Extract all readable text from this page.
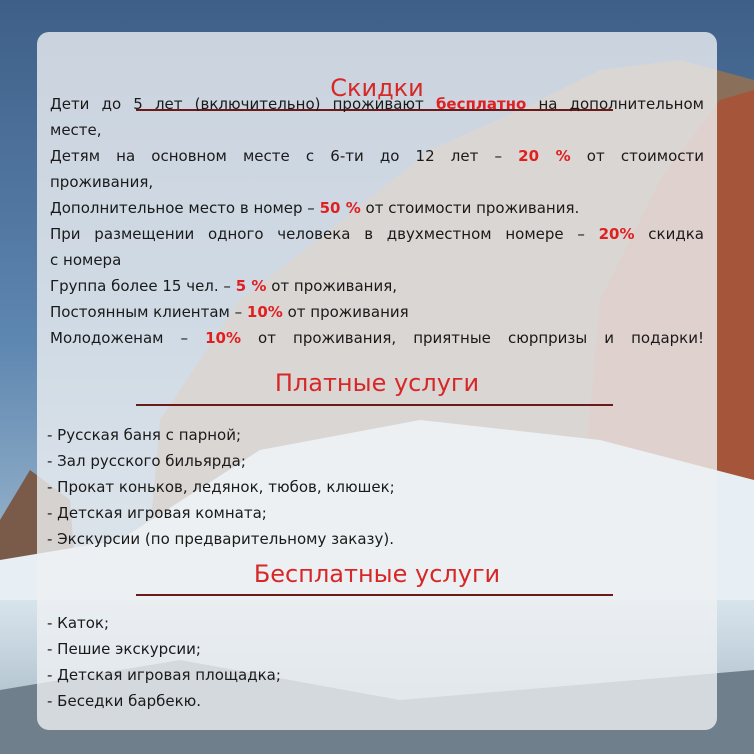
Скидки
Дети до 5 лет (включительно) проживают бесплатно на дополнительном
месте,
Детям на основном месте с 6-ти до 12 лет – 20 % от стоимости
проживания,
Дополнительное место в номер – 50 % от стоимости проживания.
При размещении одного человека в двухместном номере – 20% скидка
с номера
Группа более 15 чел. – 5 % от проживания,
Постоянным клиентам – 10% от проживания
Молодоженам – 10% от проживания, приятные сюрпризы и подарки!
Платные услуги
- Русская баня с парной;
- Зал русского бильярда;
- Прокат коньков, ледянок, тюбов, клюшек;
- Детская игровая комната;
- Экскурсии (по предварительному заказу).
Бесплатные услуги
- Каток;
- Пешие экскурсии;
- Детская игровая площадка;
- Беседки барбекю.
